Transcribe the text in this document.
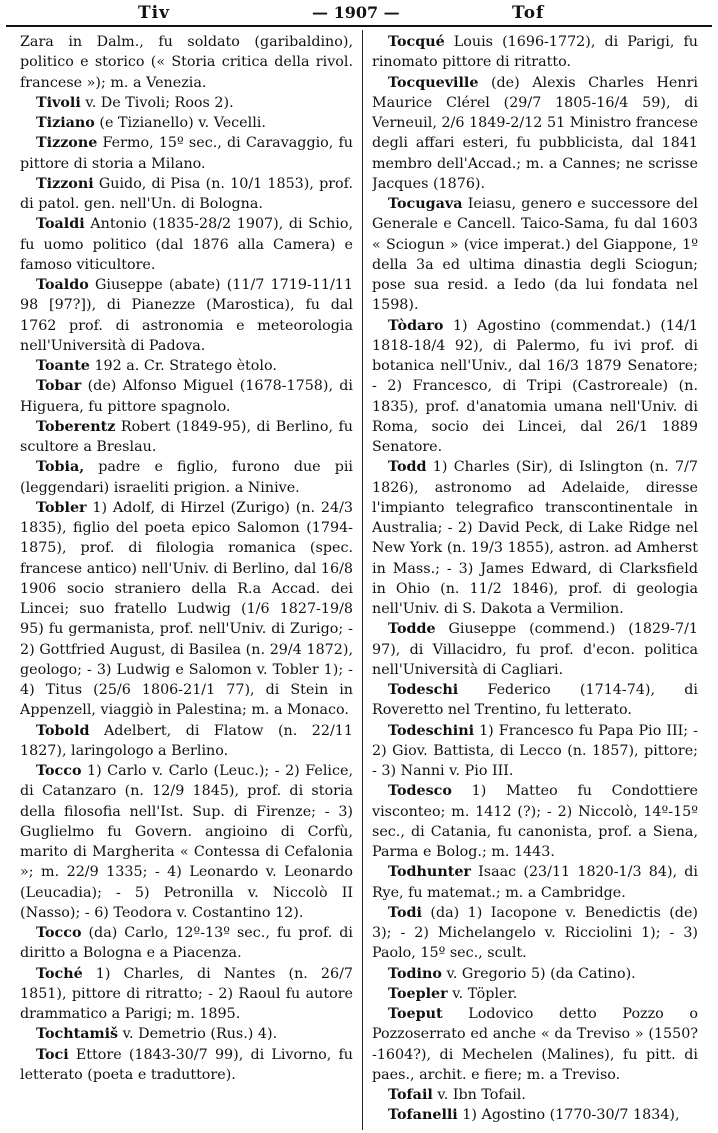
Tiv	— 1907 —	Tof

Zara in Dalm., fu soldato (garibaldino), politico e storico (« Storia critica della rivol. francese »); m. a Venezia.

Tivoli v. De Tivoli; Roos 2).

Tiziano (e Tizianello) v. Vecelli.

Tizzone Fermo, 15º sec., di Caravaggio, fu pittore di storia a Milano.

Tizzoni Guido, di Pisa (n. 10/1 1853), prof. di patol. gen. nell'Un. di Bologna.

Toaldi Antonio (1835-28/2 1907), di Schio, fu uomo politico (dal 1876 alla Camera) e famoso viticultore.

Toaldo Giuseppe (abate) (11/7 1719-11/11 98 [97?]), di Pianezze (Marostica), fu dal 1762 prof. di astronomia e meteorologia nell'Università di Padova.

Toante 192 a. Cr. Stratego ètolo.

Tobar (de) Alfonso Miguel (1678-1758), di Higuera, fu pittore spagnolo.

Toberentz Robert (1849-95), di Berlino, fu scultore a Breslau.

Tobia, padre e figlio, furono due pii (leggendari) israeliti prigion. a Ninive.

Tobler 1) Adolf, di Hirzel (Zurigo) (n. 24/3 1835), figlio del poeta epico Salomon (1794-1875), prof. di filologia romanica (spec. francese antico) nell'Univ. di Berlino, dal 16/8 1906 socio straniero della R.a Accad. dei Lincei; suo fratello Ludwig (1/6 1827-19/8 95) fu germanista, prof. nell'Univ. di Zurigo; - 2) Gottfried August, di Basilea (n. 29/4 1872), geologo; - 3) Ludwig e Salomon v. Tobler 1); - 4) Titus (25/6 1806-21/1 77), di Stein in Appenzell, viaggiò in Palestina; m. a Monaco.

Tobold Adelbert, di Flatow (n. 22/11 1827), laringologo a Berlino.

Tocco 1) Carlo v. Carlo (Leuc.); - 2) Felice, di Catanzaro (n. 12/9 1845), prof. di storia della filosofia nell'Ist. Sup. di Firenze; - 3) Guglielmo fu Govern. angioino di Corfù, marito di Margherita « Contessa di Cefalonia »; m. 22/9 1335; - 4) Leonardo v. Leonardo (Leucadia); - 5) Petronilla v. Niccolò II (Nasso); - 6) Teodora v. Costantino 12).

Tocco (da) Carlo, 12º-13º sec., fu prof. di diritto a Bologna e a Piacenza.

Toché 1) Charles, di Nantes (n. 26/7 1851), pittore di ritratto; - 2) Raoul fu autore drammatico a Parigi; m. 1895.

Tochtamiš v. Demetrio (Rus.) 4).

Toci Ettore (1843-30/7 99), di Livorno, fu letterato (poeta e traduttore).

Tocqué Louis (1696-1772), di Parigi, fu rinomato pittore di ritratto.

Tocqueville (de) Alexis Charles Henri Maurice Clérel (29/7 1805-16/4 59), di Verneuil, 2/6 1849-2/12 51 Ministro francese degli affari esteri, fu pubblicista, dal 1841 membro dell'Accad.; m. a Cannes; ne scrisse Jacques (1876).

Tocugava Ieiasu, genero e successore del Generale e Cancell. Taico-Sama, fu dal 1603 « Sciogun » (vice imperat.) del Giappone, 1º della 3a ed ultima dinastia degli Sciogun; pose sua resid. a Iedo (da lui fondata nel 1598).

Tòdaro 1) Agostino (commendat.) (14/1 1818-18/4 92), di Palermo, fu ivi prof. di botanica nell'Univ., dal 16/3 1879 Senatore; - 2) Francesco, di Tripi (Castroreale) (n. 1835), prof. d'anatomia umana nell'Univ. di Roma, socio dei Lincei, dal 26/1 1889 Senatore.

Todd 1) Charles (Sir), di Islington (n. 7/7 1826), astronomo ad Adelaide, diresse l'impianto telegrafico transcontinentale in Australia; - 2) David Peck, di Lake Ridge nel New York (n. 19/3 1855), astron. ad Amherst in Mass.; - 3) James Edward, di Clarksfield in Ohio (n. 11/2 1846), prof. di geologia nell'Univ. di S. Dakota a Vermilion.

Todde Giuseppe (commend.) (1829-7/1 97), di Villacidro, fu prof. d'econ. politica nell'Università di Cagliari.

Todeschi Federico (1714-74), di Roveretto nel Trentino, fu letterato.

Todeschini 1) Francesco fu Papa Pio III; - 2) Giov. Battista, di Lecco (n. 1857), pittore; - 3) Nanni v. Pio III.

Todesco 1) Matteo fu Condottiere visconteo; m. 1412 (?); - 2) Niccolò, 14º-15º sec., di Catania, fu canonista, prof. a Siena, Parma e Bolog.; m. 1443.

Todhunter Isaac (23/11 1820-1/3 84), di Rye, fu matemat.; m. a Cambridge.

Todi (da) 1) Iacopone v. Benedictis (de) 3); - 2) Michelangelo v. Ricciolini 1); - 3) Paolo, 15º sec., scult.

Todino v. Gregorio 5) (da Catino).

Toepler v. Töpler.

Toeput Lodovico detto Pozzo o Pozzoserrato ed anche « da Treviso » (1550?-1604?), di Mechelen (Malines), fu pitt. di paes., archit. e fiere; m. a Treviso.

Tofail v. Ibn Tofail.

Tofanelli 1) Agostino (1770-30/7 1834),
